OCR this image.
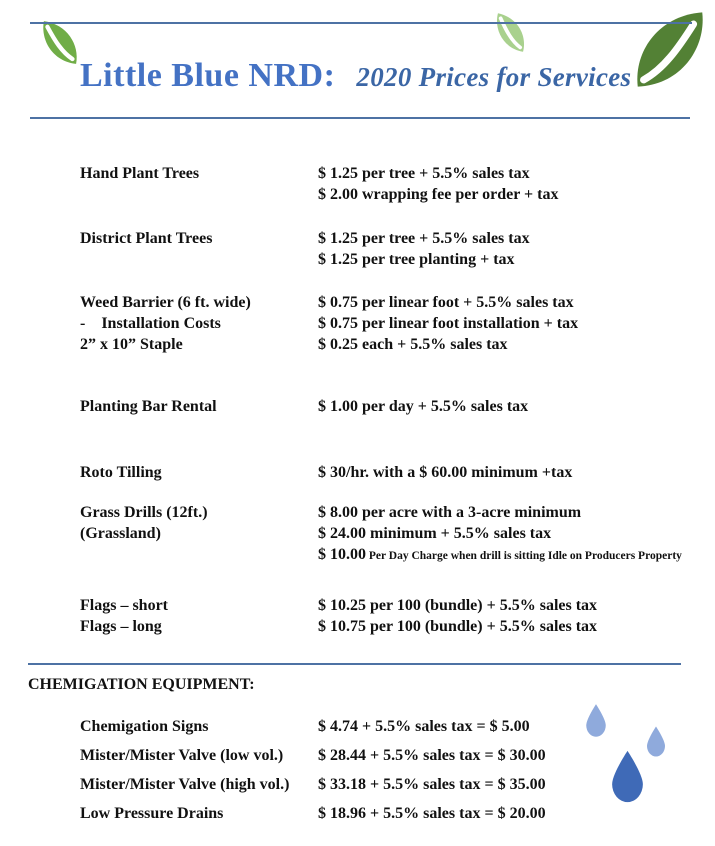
Little Blue NRD: 2020 Prices for Services
Hand Plant Trees	$ 1.25 per tree + 5.5% sales tax
$ 2.00 wrapping fee per order + tax
District Plant Trees	$ 1.25 per tree + 5.5% sales tax
$ 1.25 per tree planting + tax
Weed Barrier (6 ft. wide)	$ 0.75 per linear foot + 5.5% sales tax
-    Installation Costs	$ 0.75 per linear foot installation + tax
2” x 10” Staple	$ 0.25 each + 5.5% sales tax
Planting Bar Rental	$ 1.00 per day + 5.5% sales tax
Roto Tilling	$ 30/hr. with a $ 60.00 minimum +tax
Grass Drills (12ft.)	$ 8.00 per acre with a 3-acre minimum
(Grassland)	$ 24.00 minimum + 5.5% sales tax
$ 10.00 Per Day Charge when drill is sitting Idle on Producers Property
Flags – short	$ 10.25 per 100 (bundle) + 5.5% sales tax
Flags – long	$ 10.75 per 100 (bundle) + 5.5% sales tax
CHEMIGATION EQUIPMENT:
Chemigation Signs	$ 4.74 + 5.5% sales tax = $ 5.00
Mister/Mister Valve (low vol.)	$ 28.44 + 5.5% sales tax = $ 30.00
Mister/Mister Valve (high vol.)	$ 33.18 + 5.5% sales tax = $ 35.00
Low Pressure Drains	$ 18.96 + 5.5% sales tax = $ 20.00
